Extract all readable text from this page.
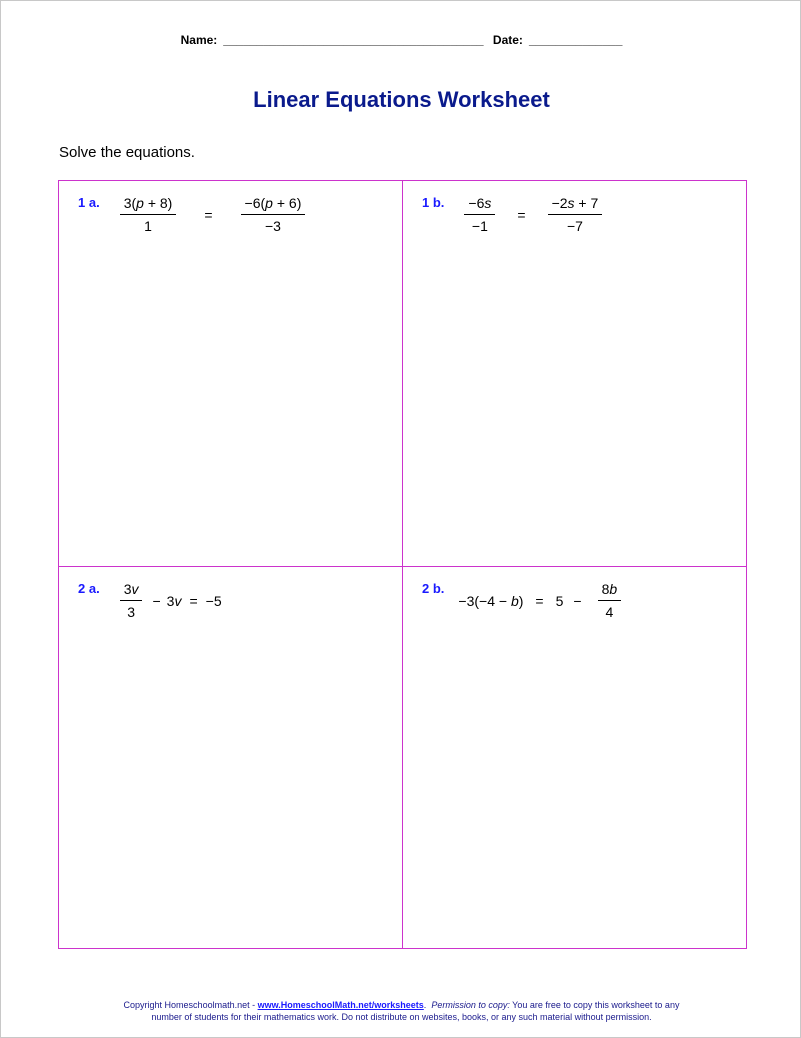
Name: _______________________________________ Date: ______________
Linear Equations Worksheet
Solve the equations.
1 a. $\frac{3(p + 8)}{1} = \frac{-6(p + 6)}{-3}$	1 b. $\frac{-6s}{-1} = \frac{-2s + 7}{-7}$
2 a. $\frac{3v}{3} - 3v = -5$
2 b.
$-3(-4 - b) = 5 - \frac{8b}{4}$
Copyright Homeschoolmath.net - www.HomeschoolMath.net/worksheets.  Permission to copy: You are free to copy this worksheet to any
number of students for their mathematics work. Do not distribute on websites, books, or any such material without permission.
